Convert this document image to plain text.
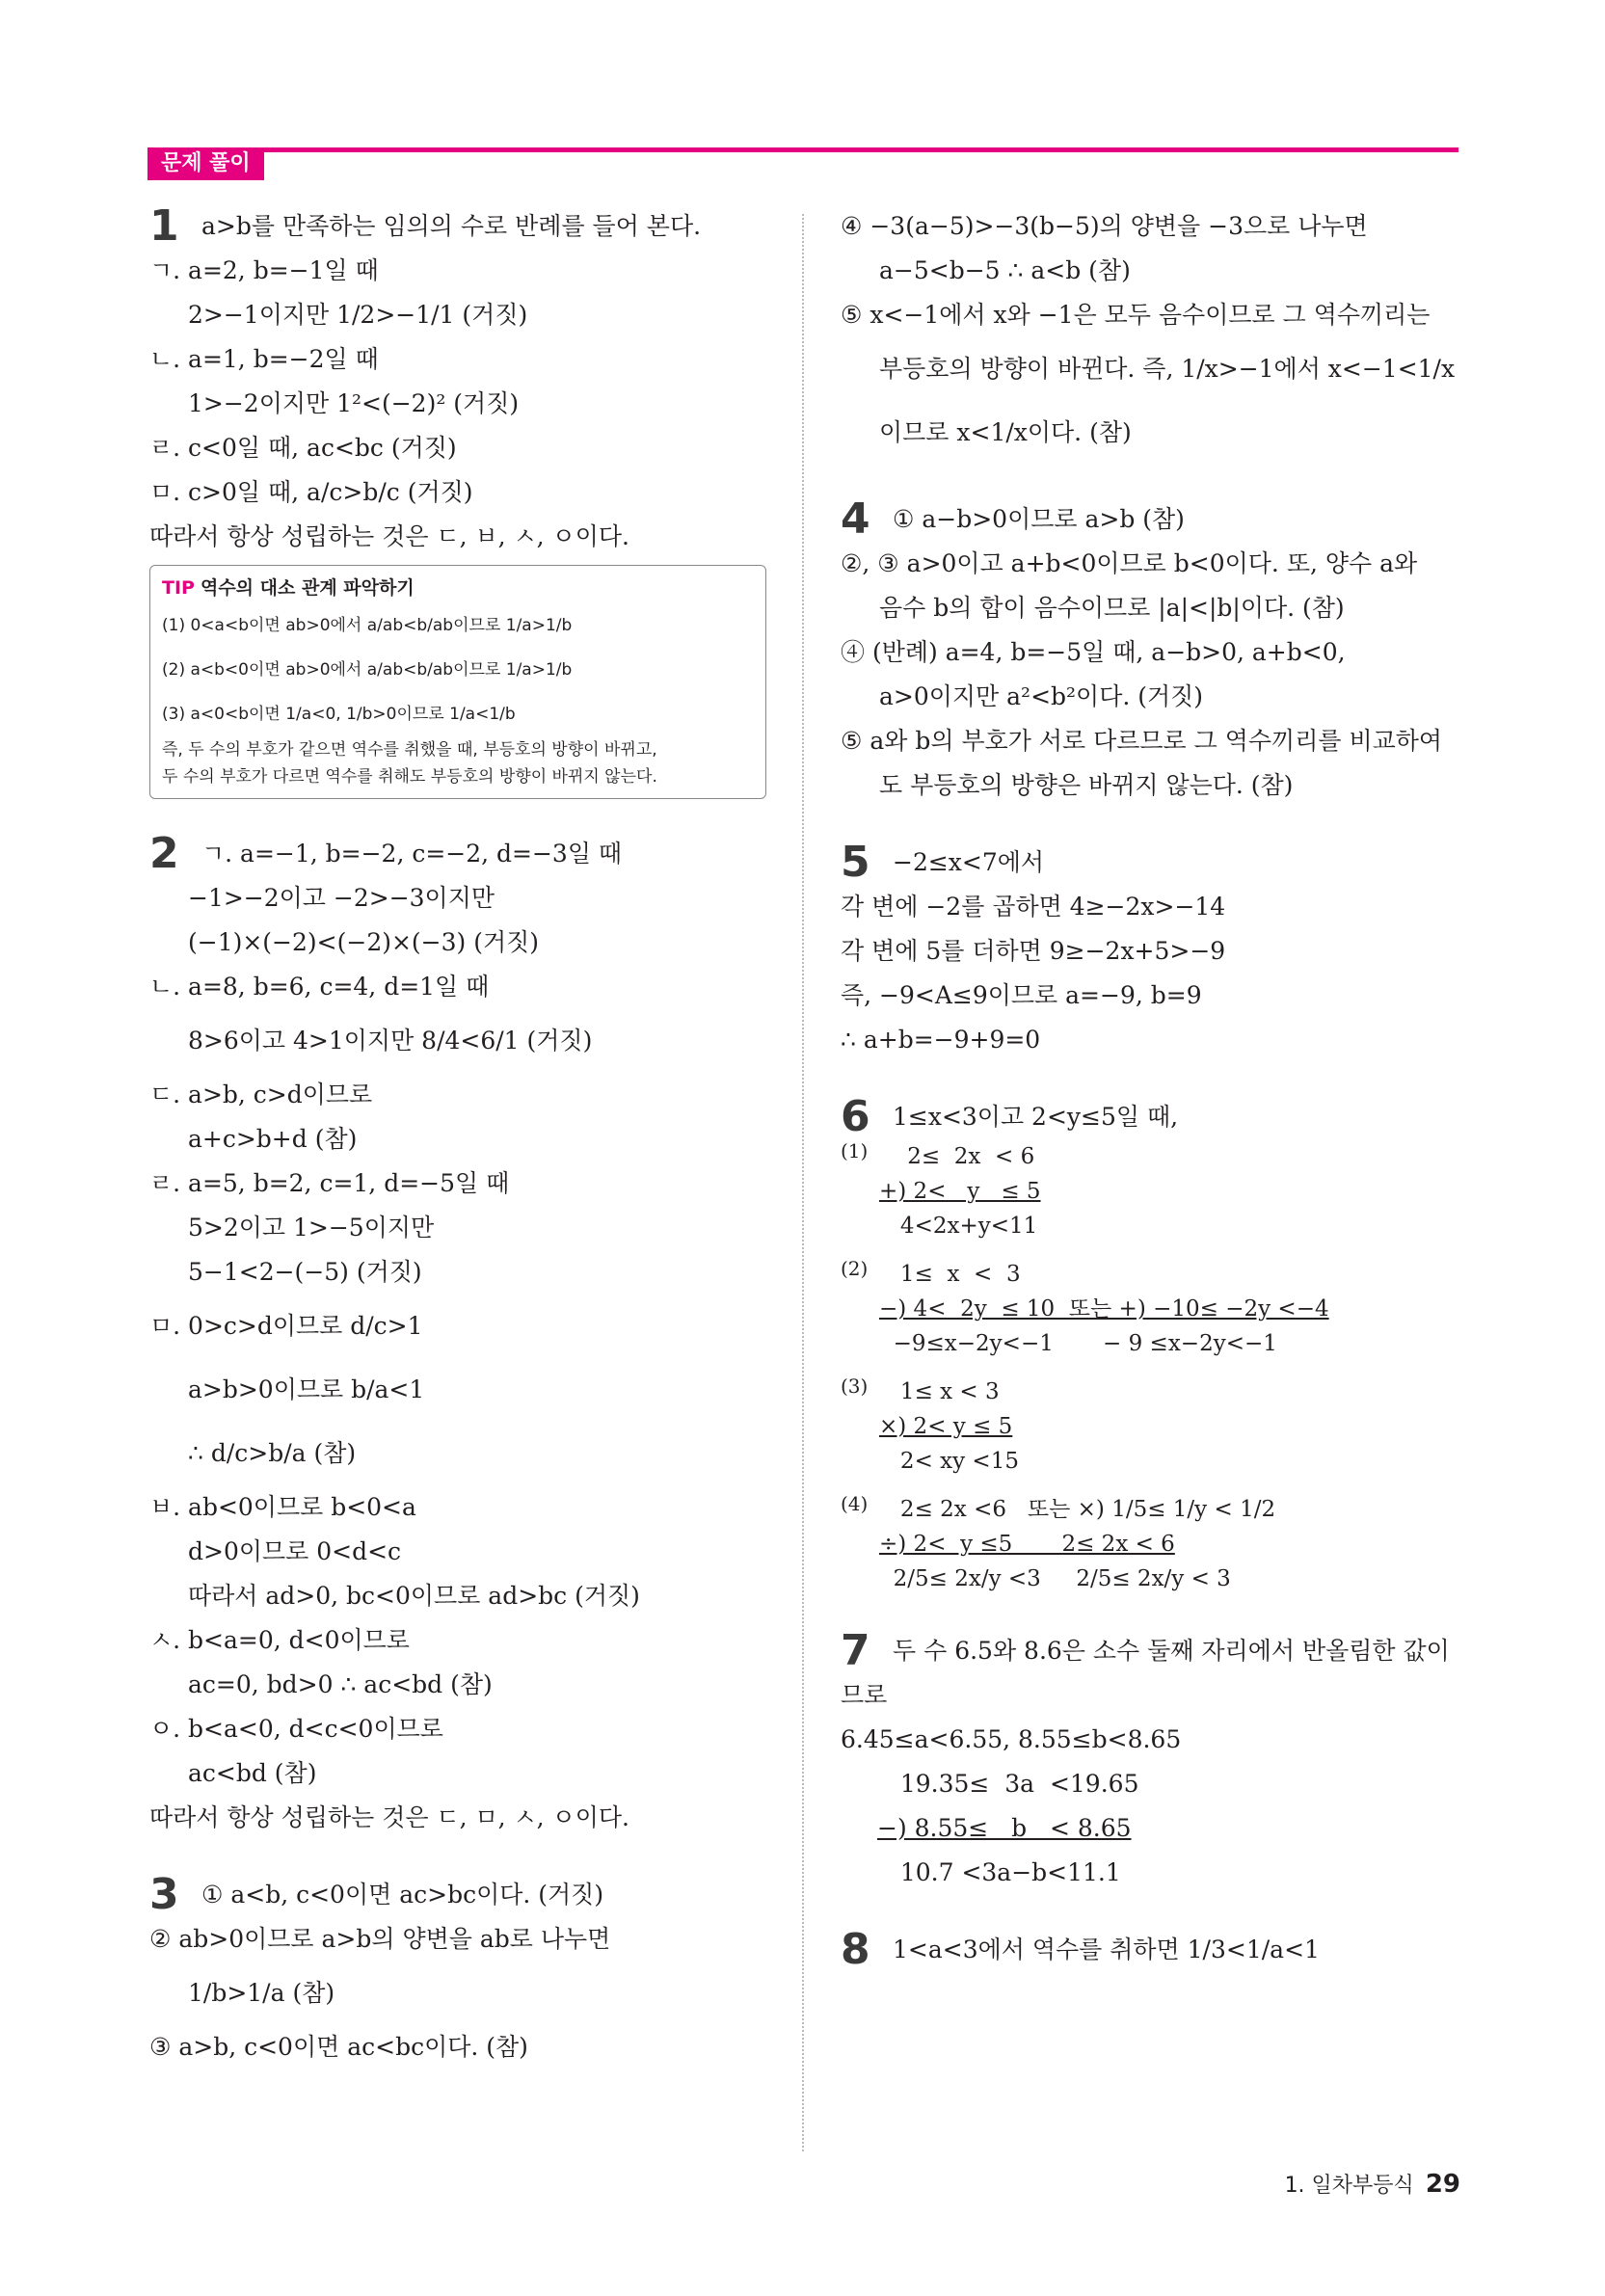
문제 풀이
1 a>b를 만족하는 임의의 수로 반례를 들어 본다.
ㄱ. a=2, b=−1일 때
2>−1이지만 1/2>−1/1 (거짓)
ㄴ. a=1, b=−2일 때
1>−2이지만 1²<(−2)² (거짓)
ㄹ. c<0일 때, ac<bc (거짓)
ㅁ. c>0일 때, a/c>b/c (거짓)
따라서 항상 성립하는 것은 ㄷ, ㅂ, ㅅ, ㅇ이다.
TIP 역수의 대소 관계 파악하기
(1) 0<a<b이면 ab>0에서 a/ab<b/ab이므로 1/a>1/b
(2) a<b<0이면 ab>0에서 a/ab<b/ab이므로 1/a>1/b
(3) a<0<b이면 1/a<0, 1/b>0이므로 1/a<1/b
즉, 두 수의 부호가 같으면 역수를 취했을 때, 부등호의 방향이 바뀌고,
두 수의 부호가 다르면 역수를 취해도 부등호의 방향이 바뀌지 않는다.
2 ㄱ. a=−1, b=−2, c=−2, d=−3일 때
−1>−2이고 −2>−3이지만
(−1)×(−2)<(−2)×(−3) (거짓)
ㄴ. a=8, b=6, c=4, d=1일 때
8>6이고 4>1이지만 8/4<6/1 (거짓)
ㄷ. a>b, c>d이므로
a+c>b+d (참)
ㄹ. a=5, b=2, c=1, d=−5일 때
5>2이고 1>−5이지만
5−1<2−(−5) (거짓)
ㅁ. 0>c>d이므로 d/c>1
a>b>0이므로 b/a<1
∴ d/c>b/a (참)
ㅂ. ab<0이므로 b<0<a
d>0이므로 0<d<c
따라서 ad>0, bc<0이므로 ad>bc (거짓)
ㅅ. b<a=0, d<0이므로
ac=0, bd>0 ∴ ac<bd (참)
ㅇ. b<a<0, d<c<0이므로
ac<bd (참)
따라서 항상 성립하는 것은 ㄷ, ㅁ, ㅅ, ㅇ이다.
3 ① a<b, c<0이면 ac>bc이다. (거짓)
② ab>0이므로 a>b의 양변을 ab로 나누면
1/b>1/a (참)
③ a>b, c<0이면 ac<bc이다. (참)
④ −3(a−5)>−3(b−5)의 양변을 −3으로 나누면
a−5<b−5 ∴ a<b (참)
⑤ x<−1에서 x와 −1은 모두 음수이므로 그 역수끼리는
부등호의 방향이 바뀐다. 즉, 1/x>−1에서 x<−1<1/x
이므로 x<1/x이다. (참)
4 ① a−b>0이므로 a>b (참)
②, ③ a>0이고 a+b<0이므로 b<0이다. 또, 양수 a와
음수 b의 합이 음수이므로 |a|<|b|이다. (참)
④ (반례) a=4, b=−5일 때, a−b>0, a+b<0,
a>0이지만 a²<b²이다. (거짓)
⑤ a와 b의 부호가 서로 다르므로 그 역수끼리를 비교하여
도 부등호의 방향은 바뀌지 않는다. (참)
5 −2≤x<7에서
각 변에 −2를 곱하면 4≥−2x>−14
각 변에 5를 더하면 9≥−2x+5>−9
즉, −9<A≤9이므로 a=−9, b=9
∴ a+b=−9+9=0
6 1≤x<3이고 2<y≤5일 때,
(1) 2≤  2x  < 6
+) 2<   y   ≤ 5
4<2x+y<11
(2) 1≤  x  <  3
−) 4<  2y  ≤ 10  또는 +) −10≤ −2y <−4
−9≤x−2y<−1       − 9 ≤x−2y<−1
(3) 1≤ x < 3
×) 2< y ≤ 5
2< xy <15
(4) 2≤ 2x <6   또는 ×) 1/5≤ 1/y < 1/2
÷) 2<  y ≤5       2≤ 2x < 6
2/5≤ 2x/y <3     2/5≤ 2x/y < 3
7 두 수 6.5와 8.6은 소수 둘째 자리에서 반올림한 값이
므로
6.45≤a<6.55, 8.55≤b<8.65
19.35≤  3a  <19.65
−) 8.55≤   b   < 8.65
10.7 <3a−b<11.1
8 1<a<3에서 역수를 취하면 1/3<1/a<1
1. 일차부등식 29
